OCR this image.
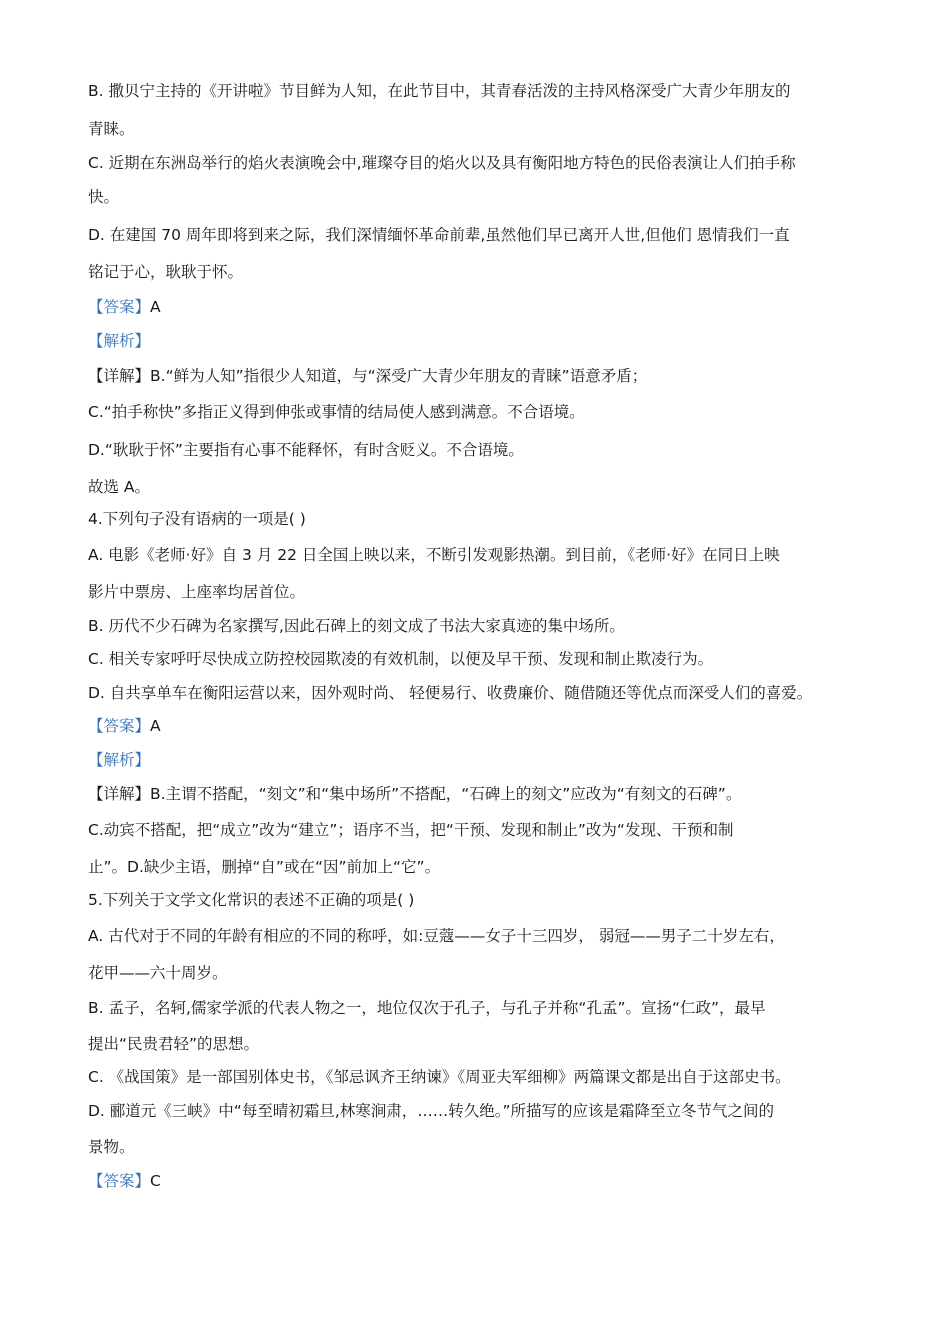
B. 撒贝宁主持的《开讲啦》节目鲜为人知，在此节目中，其青春活泼的主持风格深受广大青少年朋友的
青睐。
C. 近期在东洲岛举行的焰火表演晚会中,璀璨夺目的焰火以及具有衡阳地方特色的民俗表演让人们拍手称
快。
D. 在建国 70 周年即将到来之际，我们深情缅怀革命前辈,虽然他们早已离开人世,但他们 恩情我们一直
铭记于心，耿耿于怀。
【答案】A
【解析】
【详解】B.“鲜为人知”指很少人知道，与“深受广大青少年朋友的青睐”语意矛盾；
C.“拍手称快”多指正义得到伸张或事情的结局使人感到满意。不合语境。
D.“耿耿于怀”主要指有心事不能释怀，有时含贬义。不合语境。
故选 A。
4.下列句子没有语病的一项是( )
A. 电影《老师·好》自 3 月 22 日全国上映以来，不断引发观影热潮。到目前，《老师·好》在同日上映
影片中票房、上座率均居首位。
B. 历代不少石碑为名家撰写,因此石碑上的刻文成了书法大家真迹的集中场所。
C. 相关专家呼吁尽快成立防控校园欺凌的有效机制，以便及早干预、发现和制止欺凌行为。
D. 自共享单车在衡阳运营以来，因外观时尚、 轻便易行、收费廉价、随借随还等优点而深受人们的喜爱。
【答案】A
【解析】
【详解】B.主谓不搭配，“刻文”和“集中场所”不搭配，“石碑上的刻文”应改为“有刻文的石碑”。
C.动宾不搭配，把“成立”改为“建立”；语序不当，把“干预、发现和制止”改为“发现、干预和制
止”。D.缺少主语，删掉“自”或在“因”前加上“它”。
5.下列关于文学文化常识的表述不正确的项是( )
A. 古代对于不同的年龄有相应的不同的称呼，如:豆蔻——女子十三四岁， 弱冠——男子二十岁左右，
花甲——六十周岁。
B. 孟子，名轲,儒家学派的代表人物之一，地位仅次于孔子，与孔子并称“孔孟”。宣扬“仁政”，最早
提出“民贵君轻”的思想。
C. 《战国策》是一部国别体史书，《邹忌讽齐王纳谏》《周亚夫军细柳》两篇课文都是出自于这部史书。
D. 郦道元《三峡》中“每至晴初霜旦,林寒涧肃，……转久绝。”所描写的应该是霜降至立冬节气之间的
景物。
【答案】C
